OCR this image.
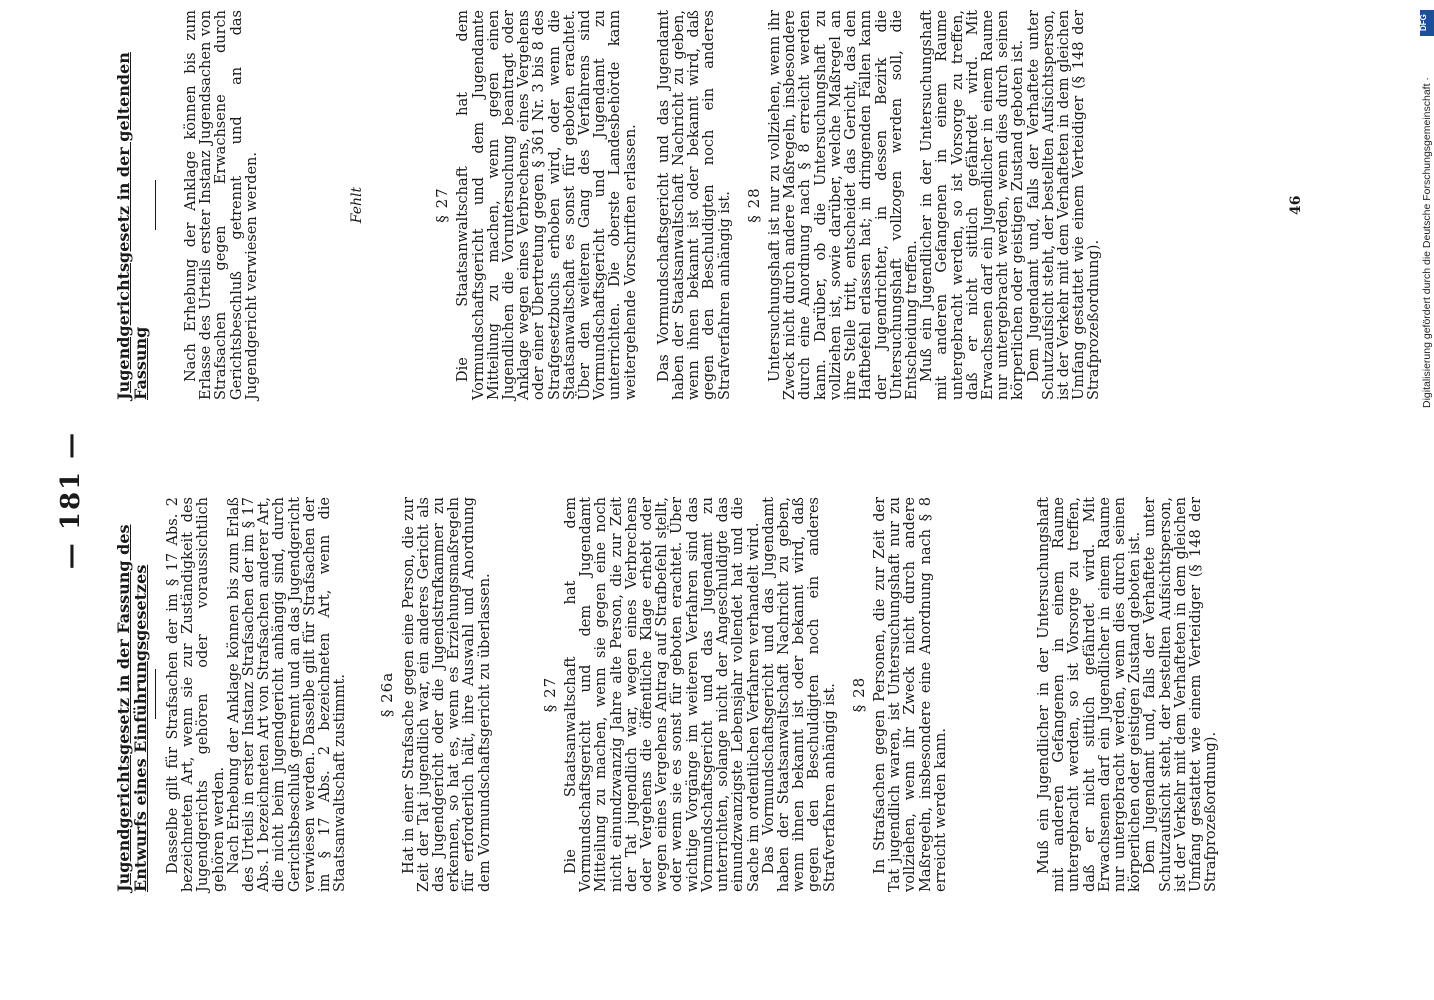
— 181 —
Jugendgerichtsgesetz in der Fassung des Entwurfs eines Einführungsgesetzes Dasselbe gilt für Strafsachen der im § 17 Abs. 2 bezeichneten Art, wenn sie zur Zuständigkeit des Jugendgerichts gehören oder voraussichtlich gehören werden. Nach Erhebung der Anklage können bis zum Erlaß des Urteils in erster Instanz Strafsachen der im § 17 Abs. 1 bezeichneten Art von Strafsachen anderer Art, die nicht beim Jugendgericht anhängig sind, durch Gerichtsbeschluß getrennt und an das Jugendgericht verwiesen werden. Dasselbe gilt für Strafsachen der im § 17 Abs. 2 bezeichneten Art, wenn die Staatsanwaltschaft zustimmt. § 26a Hat in einer Strafsache gegen eine Person, die zur Zeit der Tat jugendlich war, ein anderes Gericht als das Jugendgericht oder die Jugendstrafkammer zu erkennen, so hat es, wenn es Erziehungsmaßregeln für erforderlich hält, ihre Auswahl und Anordnung dem Vormundschaftsgericht zu überlassen.	§ 27 Die Staatsanwaltschaft hat dem Vormundschaftsgericht und dem Jugendamt Mitteilung zu machen, wenn sie gegen eine noch nicht einundzwanzig Jahre alte Person, die zur Zeit der Tat jugendlich war, wegen eines Verbrechens oder Vergehens die öffentliche Klage erhebt oder wegen eines Vergehens Antrag auf Strafbefehl stellt, oder wenn sie es sonst für geboten erachtet. Über wichtige Vorgänge im weiteren Verfahren sind das Vormundschaftsgericht und das Jugendamt zu unterrichten, solange nicht der Angeschuldigte das einundzwanzigste Lebensjahr vollendet hat und die Sache im ordentlichen Verfahren verhandelt wird. Das Vormundschaftsgericht und das Jugendamt haben der Staatsanwaltschaft Nachricht zu geben, wenn ihnen bekannt ist oder bekannt wird, daß gegen den Beschuldigten noch ein anderes Strafverfahren anhängig ist. § 28 In Strafsachen gegen Personen, die zur Zeit der Tat jugendlich waren, ist Untersuchungshaft nur zu vollziehen, wenn ihr Zweck nicht durch andere Maßregeln, insbesondere eine Anordnung nach § 8 erreicht werden kann.	Muß ein Jugendlicher in der Untersuchungshaft mit anderen Gefangenen in einem Raume untergebracht werden, so ist Vorsorge zu treffen, daß er nicht sittlich gefährdet wird. Mit Erwachsenen darf ein Jugendlicher in einem Raume nur untergebracht werden, wenn dies durch seinen körperlichen oder geistigen Zustand geboten ist. Dem Jugendamt und, falls der Verhaftete unter Schutzaufsicht steht, der bestellten Aufsichtsperson, ist der Verkehr mit dem Verhafteten in dem gleichen Umfang gestattet wie einem Verteidiger (§ 148 der Strafprozeßordnung).

Jugendgerichtsgesetz in der geltenden Fassung Nach Erhebung der Anklage können bis zum Erlasse des Urteils erster Instanz Jugendsachen von Strafsachen gegen Erwachsene durch Gerichtsbeschluß getrennt und an das Jugendgericht verwiesen werden.	Fehlt	§ 27 Die Staatsanwaltschaft hat dem Vormundschaftsgericht und dem Jugendamte Mitteilung zu machen, wenn gegen einen Jugendlichen die Voruntersuchung beantragt oder Anklage wegen eines Verbrechens, eines Vergehens oder einer Übertretung gegen § 361 Nr. 3 bis 8 des Strafgesetzbuchs erhoben wird, oder wenn die Staatsanwaltschaft es sonst für geboten erachtet. Über den weiteren Gang des Verfahrens sind Vormundschaftsgericht und Jugendamt zu unterrichten. Die oberste Landesbehörde kann weitergehende Vorschriften erlassen. Das Vormundschaftsgericht und das Jugendamt haben der Staatsanwaltschaft Nachricht zu geben, wenn ihnen bekannt ist oder bekannt wird, daß gegen den Beschuldigten noch ein anderes Strafverfahren anhängig ist. § 28 Untersuchungshaft ist nur zu vollziehen, wenn ihr Zweck nicht durch andere Maßregeln, insbesondere durch eine Anordnung nach § 8 erreicht werden kann. Darüber, ob die Untersuchungshaft zu vollziehen ist, sowie darüber, welche Maßregel an ihre Stelle tritt, entscheidet das Gericht, das den Haftbefehl erlassen hat; in dringenden Fällen kann der Jugendrichter, in dessen Bezirk die Untersuchungshaft vollzogen werden soll, die Entscheidung treffen. Muß ein Jugendlicher in der Untersuchungshaft mit anderen Gefangenen in einem Raume untergebracht werden, so ist Vorsorge zu treffen, daß er nicht sittlich gefährdet wird. Mit Erwachsenen darf ein Jugendlicher in einem Raume nur untergebracht werden, wenn dies durch seinen körperlichen oder geistigen Zustand geboten ist. Dem Jugendamt und, falls der Verhaftete unter Schutzaufsicht steht, der bestellten Aufsichtsperson, ist der Verkehr mit dem Verhafteten in dem gleichen Umfang gestattet wie einem Verteidiger (§ 148 der Strafprozeßordnung).

46	Digitalisierung gefördert durch die Deutsche Forschungsgemeinschaft ·
DFG
